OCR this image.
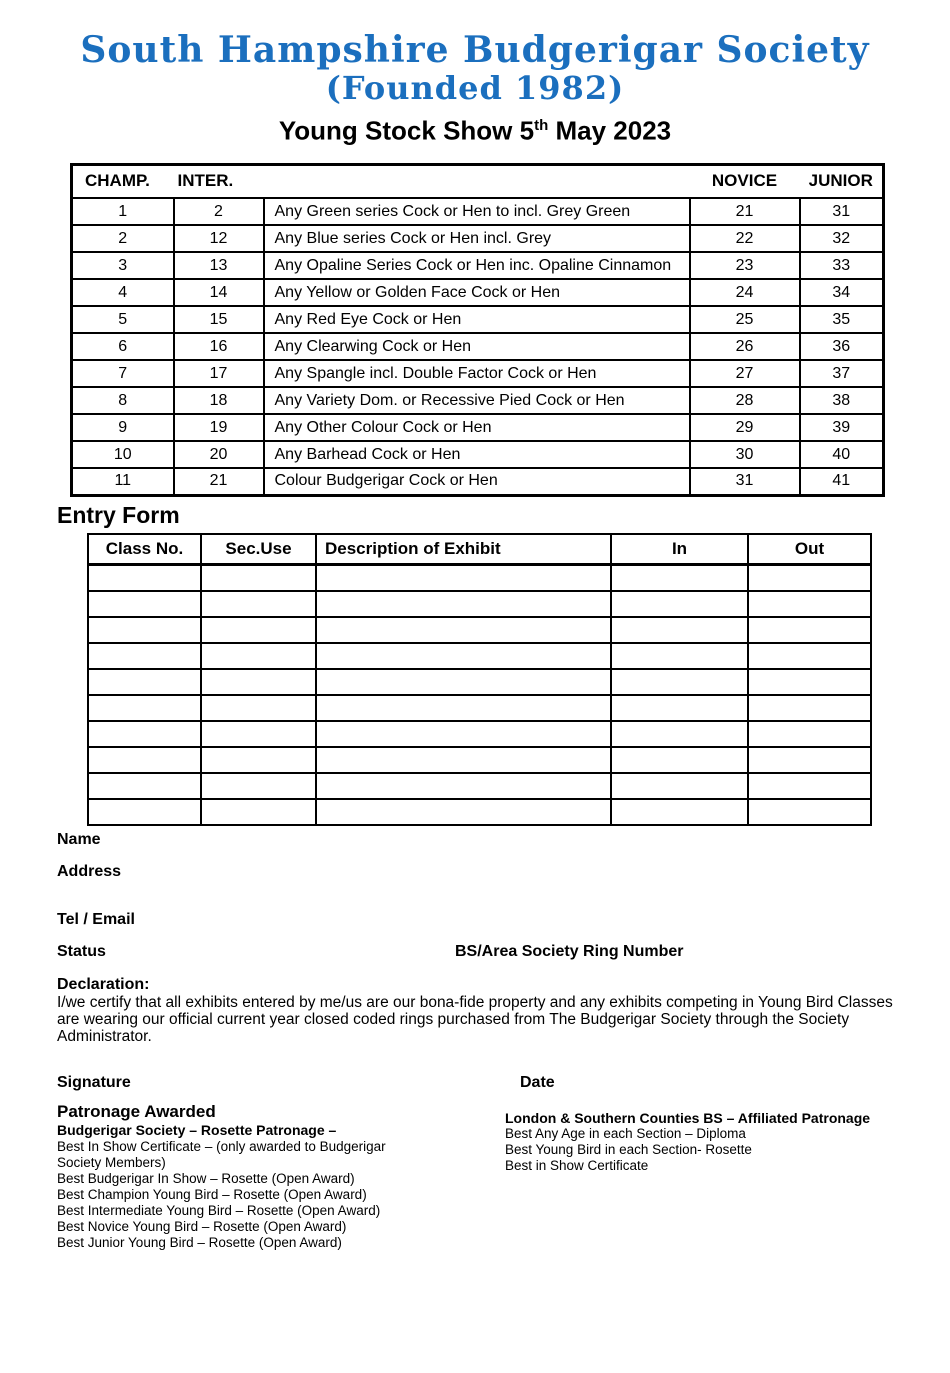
South Hampshire Budgerigar Society
(Founded 1982)
Young Stock Show 5th May 2023
CHAMP.	INTER.		NOVICE	JUNIOR
1	2	Any Green series Cock or Hen to incl. Grey Green	21	31
2	12	Any Blue series Cock or Hen incl. Grey	22	32
3	13	Any Opaline Series Cock or Hen inc. Opaline Cinnamon	23	33
4	14	Any Yellow or Golden Face Cock or Hen	24	34
5	15	Any Red Eye Cock or Hen	25	35
6	16	Any Clearwing Cock or Hen	26	36
7	17	Any Spangle incl. Double Factor Cock or Hen	27	37
8	18	Any Variety Dom. or Recessive Pied Cock or Hen	28	38
9	19	Any Other Colour Cock or Hen	29	39
10	20	Any Barhead Cock or Hen	30	40
11	21	Colour Budgerigar Cock or Hen	31	41
Entry Form
Class No.	Sec.Use	Description of Exhibit	In	Out

Name
Address
Tel / Email
Status	BS/Area Society Ring Number
Declaration:
I/we certify that all exhibits entered by me/us are our bona-fide property and any exhibits competing in Young Bird Classes are wearing our official current year closed coded rings purchased from The Budgerigar Society through the Society Administrator.
Signature	Date
Patronage Awarded
Budgerigar Society – Rosette Patronage –
Best In Show Certificate – (only awarded to Budgerigar Society Members)
Best Budgerigar In Show – Rosette (Open Award)
Best Champion Young Bird – Rosette (Open Award)
Best Intermediate Young Bird – Rosette (Open Award)
Best Novice Young Bird – Rosette (Open Award)
Best Junior Young Bird – Rosette (Open Award)
London & Southern Counties BS – Affiliated Patronage
Best Any Age in each Section – Diploma
Best Young Bird in each Section- Rosette
Best in Show Certificate
